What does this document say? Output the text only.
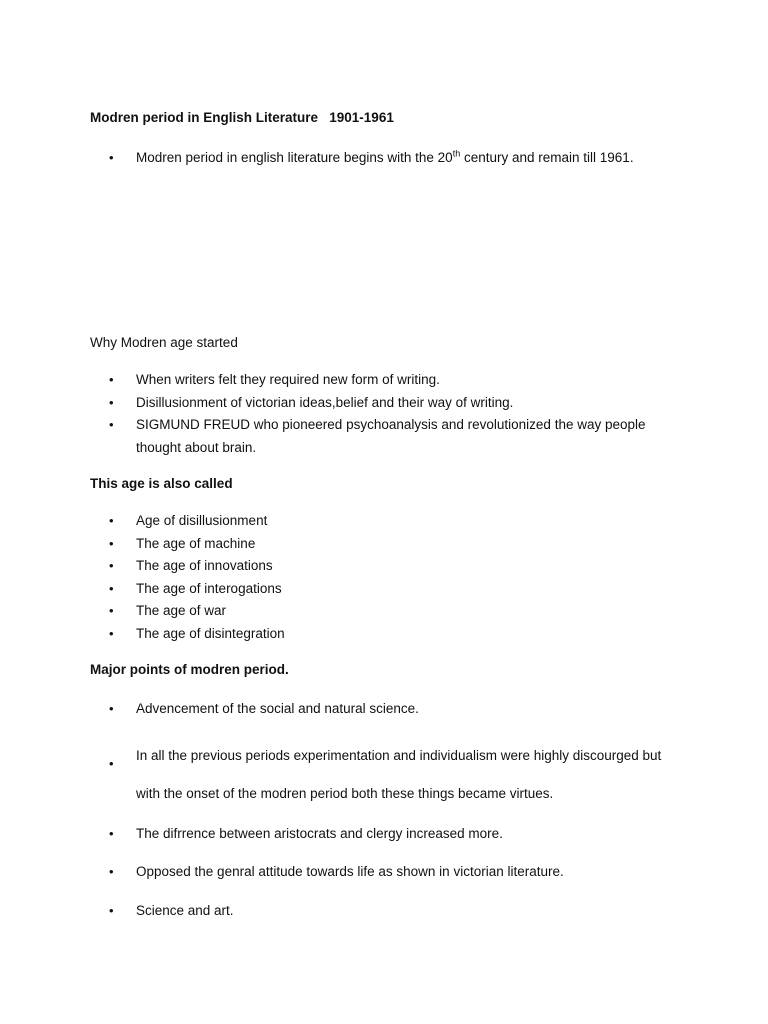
Modren period in English Literature   1901-1961
• Modren period in english literature begins with the 20th century and remain till 1961.
Why Modren age started
• When writers felt they required new form of writing.
• Disillusionment of victorian ideas,belief and their way of writing.
• SIGMUND FREUD who pioneered psychoanalysis and revolutionized the way people thought about brain.
This age is also called
• Age of disillusionment
• The age of machine
• The age of innovations
• The age of interogations
• The age of war
• The age of disintegration
Major points of modren period.
• Advencement of the social and natural science.
•
In all the previous periods experimentation and individualism were highly discourged but with the onset of the modren period both these things became virtues.
• The difrrence between aristocrats and clergy increased more.
• Opposed the genral attitude towards life as shown in victorian literature.
• Science and art.
